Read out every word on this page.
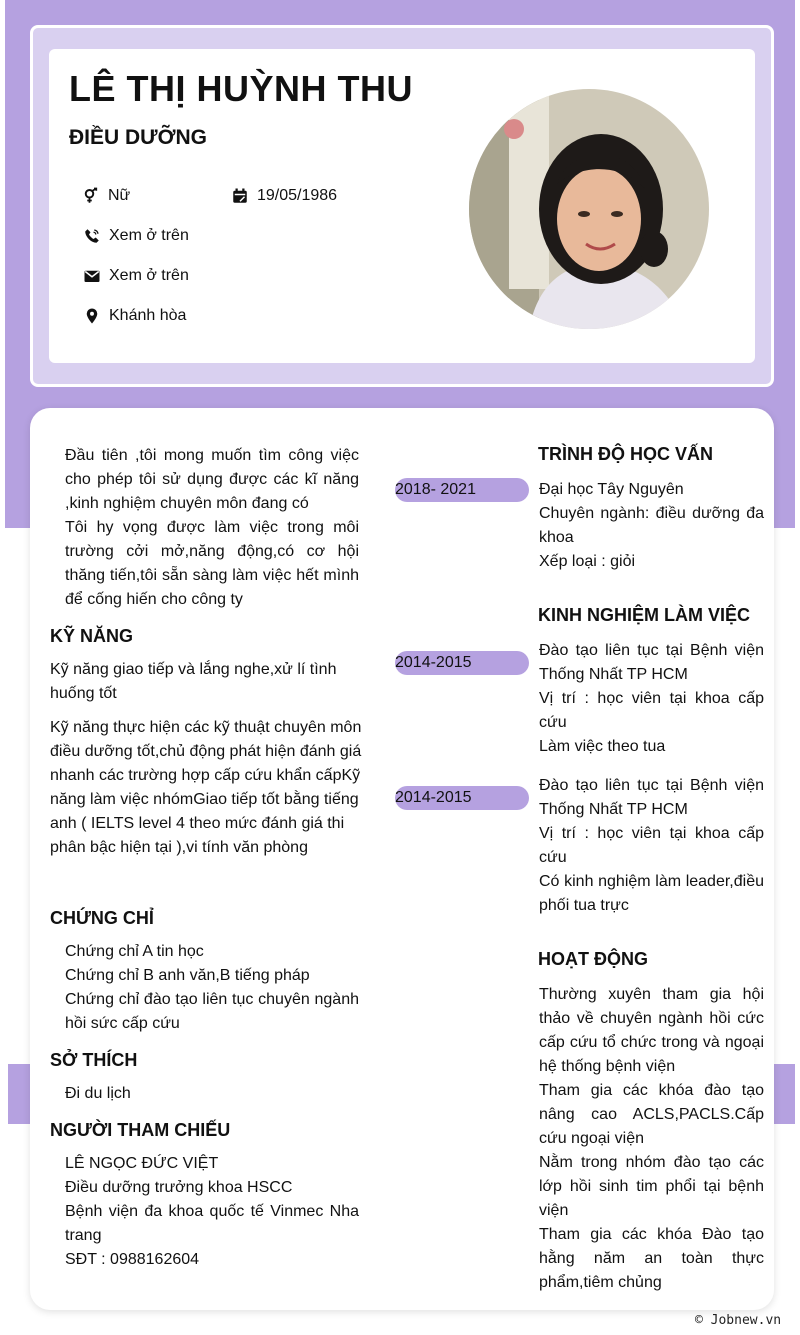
LÊ THỊ HUỲNH THU
ĐIỀU DƯỠNG
Nữ	19/05/1986
Xem ở trên
Xem ở trên
Khánh hòa
Đầu tiên ,tôi mong muốn tìm công việc cho phép tôi sử dụng được các kĩ năng ,kinh nghiệm chuyên môn đang có
Tôi hy vọng được làm việc trong môi trường cởi mở,năng động,có cơ hội thăng tiến,tôi sẵn sàng làm việc hết mình để cống hiến cho công ty
KỸ NĂNG
Kỹ năng giao tiếp và lắng nghe,xử lí tình huống tốt
Kỹ năng thực hiện các kỹ thuật chuyên môn điều dưỡng tốt,chủ động phát hiện đánh giá nhanh các trường hợp cấp cứu khẩn cấpKỹ năng làm việc nhómGiao tiếp tốt bằng tiếng anh ( IELTS level 4 theo mức đánh giá thi phân bậc hiện tại ),vi tính văn phòng
CHỨNG CHỈ
Chứng chỉ A tin học
Chứng chỉ B anh văn,B tiếng pháp
Chứng chỉ đào tạo liên tục chuyên ngành hồi sức cấp cứu
SỞ THÍCH
Đi du lịch
NGƯỜI THAM CHIẾU
LÊ NGỌC ĐỨC VIỆT
Điều dưỡng trưởng khoa HSCC
Bệnh viện đa khoa quốc tế Vinmec Nha trang
SĐT : 0988162604
TRÌNH ĐỘ HỌC VẤN
2018- 2021	Đại học Tây Nguyên
Chuyên ngành: điều dưỡng đa khoa
Xếp loại : giỏi
KINH NGHIỆM LÀM VIỆC
2014-2015
Đào tạo liên tục tại Bệnh viện Thống Nhất TP HCM
Vị trí : học viên tại khoa cấp cứu
Làm việc theo tua
2014-2015
Đào tạo liên tục tại Bệnh viện Thống Nhất TP HCM
Vị trí : học viên tại khoa cấp cứu
Có kinh nghiệm làm leader,điều phối tua trực
HOẠT ĐỘNG
Thường xuyên tham gia hội thảo về chuyên ngành hồi cức cấp cứu tổ chức trong và ngoại hệ thống bệnh viện
Tham gia các khóa đào tạo nâng cao ACLS,PACLS.Cấp cứu ngoại viện
Nằm trong nhóm đào tạo các lớp hồi sinh tim phổi tại bệnh viện
Tham gia các khóa Đào tạo hằng năm an toàn thực phẩm,tiêm chủng
© Jobnew.vn
